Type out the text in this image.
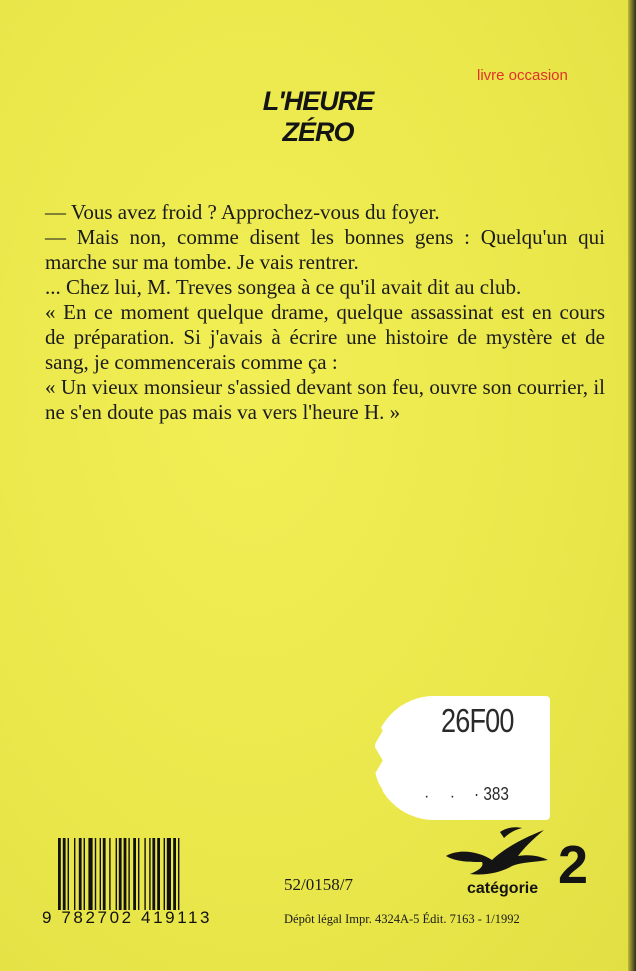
livre occasion
L'HEURE
ZÉRO

— Vous avez froid ? Approchez-vous du foyer.

— Mais non, comme disent les bonnes gens : Quelqu'un qui marche sur ma tombe. Je vais rentrer.

... Chez lui, M. Treves songea à ce qu'il avait dit au club.

« En ce moment quelque drame, quelque assassinat est en cours de préparation. Si j'avais à écrire une histoire de mystère et de sang, je commencerais comme ça :

« Un vieux monsieur s'assied devant son feu, ouvre son courrier, il ne s'en doute pas mais va vers l'heure H. »

26F00
· · · 383
9 782702 419113
52/0158/7
Dépôt légal Impr. 4324A-5 Édit. 7163 - 1/1992
catégorie 2
